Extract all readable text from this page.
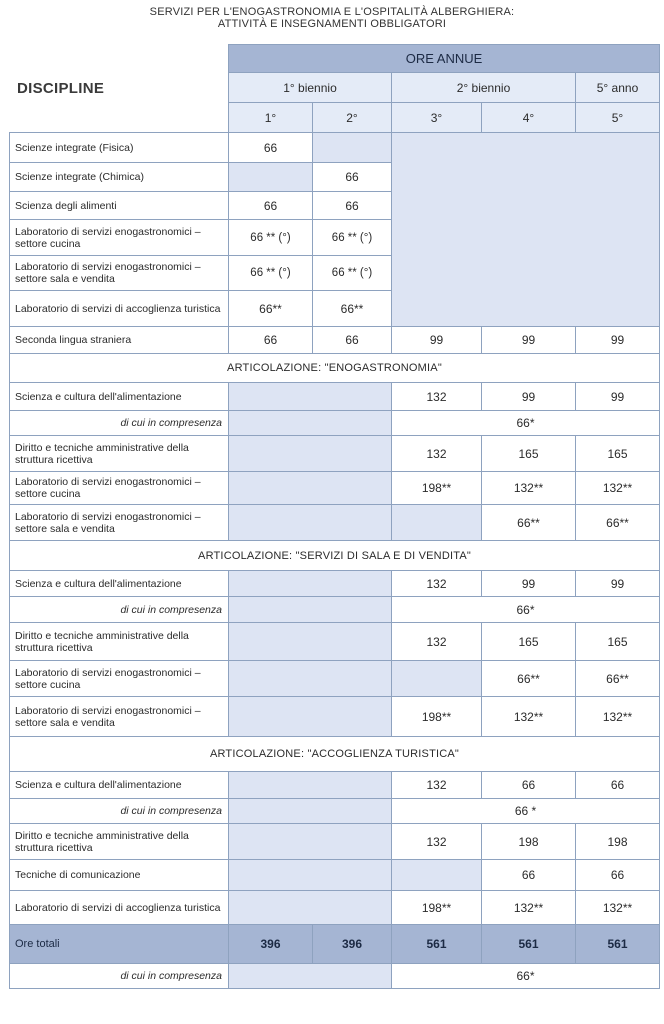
SERVIZI PER L'ENOGASTRONOMIA E L'OSPITALITÀ ALBERGHIERA:
ATTIVITÀ E INSEGNAMENTI OBBLIGATORI
	ORE ANNUE				
	1° biennio		2° biennio		5° anno
	1°	2°	3°	4°	5°
Scienze integrate (Fisica)	66				
Scienze integrate (Chimica)		66			
Scienza degli alimenti	66	66			
Laboratorio di servizi enogastronomici – settore cucina	66 ** (°)	66 ** (°)			
Laboratorio di servizi enogastronomici – settore sala e vendita	66 ** (°)	66 ** (°)			
Laboratorio di servizi di accoglienza turistica	66**	66**			
Seconda lingua straniera	66	66	99	99	99
ARTICOLAZIONE: "ENOGASTRONOMIA"					
Scienza e cultura dell'alimentazione			132	99	99
di cui in compresenza			66*		
Diritto e tecniche amministrative della struttura ricettiva			132	165	165
Laboratorio di servizi enogastronomici – settore cucina			198**	132**	132**
Laboratorio di servizi enogastronomici – settore sala e vendita				66**	66**
ARTICOLAZIONE: "SERVIZI DI SALA E DI VENDITA"					
Scienza e cultura dell'alimentazione			132	99	99
di cui in compresenza			66*		
Diritto e tecniche amministrative della struttura ricettiva			132	165	165
Laboratorio di servizi enogastronomici – settore cucina				66**	66**
Laboratorio di servizi enogastronomici – settore sala e vendita			198**	132**	132**
ARTICOLAZIONE: "ACCOGLIENZA TURISTICA"					
Scienza e cultura dell'alimentazione			132	66	66
di cui in compresenza			66 *		
Diritto e tecniche amministrative della struttura ricettiva			132	198	198
Tecniche di comunicazione				66	66
Laboratorio di servizi di accoglienza turistica			198**	132**	132**
Ore totali	396	396	561	561	561
di cui in compresenza			66*		
DISCIPLINE
